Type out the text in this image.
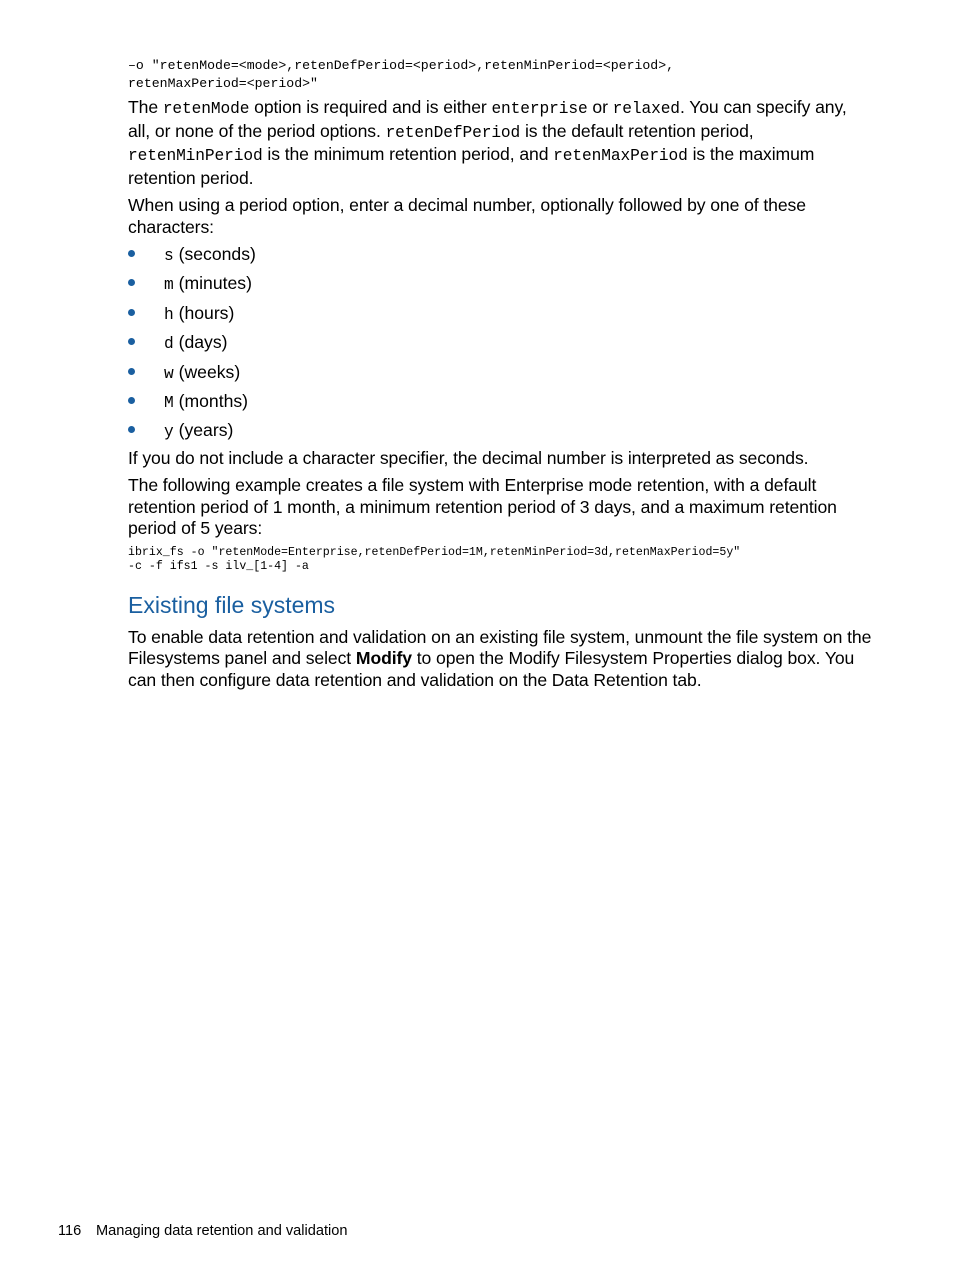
–o "retenMode=<mode>,retenDefPeriod=<period>,retenMinPeriod=<period>,
retenMaxPeriod=<period>"

The retenMode option is required and is either enterprise or relaxed. You can specify any, all, or none of the period options. retenDefPeriod is the default retention period, retenMinPeriod is the minimum retention period, and retenMaxPeriod is the maximum retention period.

When using a period option, enter a decimal number, optionally followed by one of these characters:

s (seconds)
m (minutes)
h (hours)
d (days)
w (weeks)
M (months)
y (years)

If you do not include a character specifier, the decimal number is interpreted as seconds.

The following example creates a file system with Enterprise mode retention, with a default retention period of 1 month, a minimum retention period of 3 days, and a maximum retention period of 5 years:

ibrix_fs -o "retenMode=Enterprise,retenDefPeriod=1M,retenMinPeriod=3d,retenMaxPeriod=5y"
-c -f ifs1 -s ilv_[1-4] -a
Existing file systems

To enable data retention and validation on an existing file system, unmount the file system on the Filesystems panel and select Modify to open the Modify Filesystem Properties dialog box. You can then configure data retention and validation on the Data Retention tab.

116 Managing data retention and validation
